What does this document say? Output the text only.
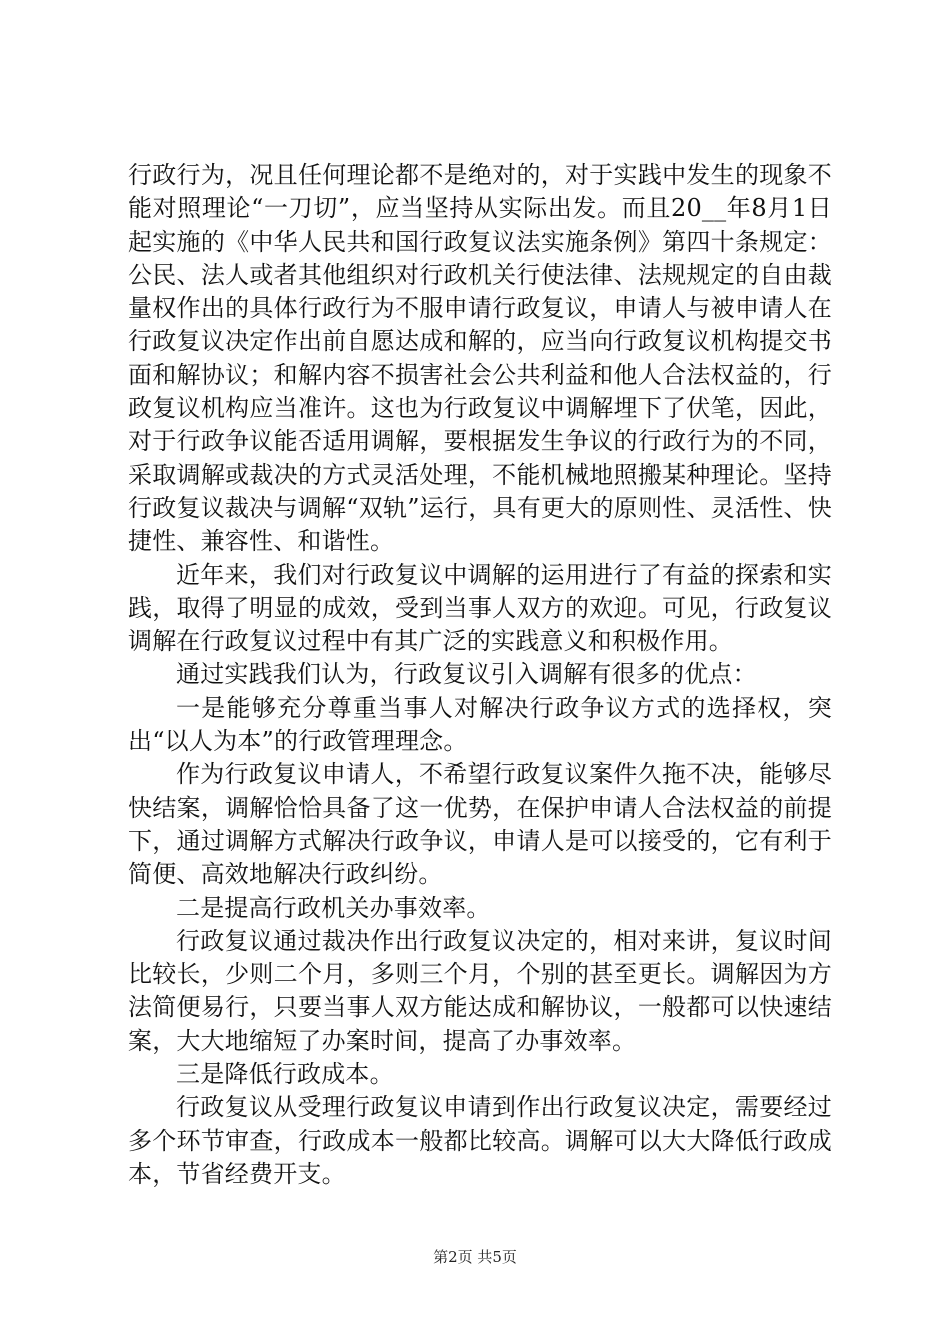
行政行为，况且任何理论都不是绝对的，对于实践中发生的现象不能对照理论“一刀切”，应当坚持从实际出发。而且20__年8月1日起实施的《中华人民共和国行政复议法实施条例》第四十条规定：公民、法人或者其他组织对行政机关行使法律、法规规定的自由裁量权作出的具体行政行为不服申请行政复议，申请人与被申请人在行政复议决定作出前自愿达成和解的，应当向行政复议机构提交书面和解协议；和解内容不损害社会公共利益和他人合法权益的，行政复议机构应当准许。这也为行政复议中调解埋下了伏笔，因此，对于行政争议能否适用调解，要根据发生争议的行政行为的不同，采取调解或裁决的方式灵活处理，不能机械地照搬某种理论。坚持行政复议裁决与调解“双轨”运行，具有更大的原则性、灵活性、快捷性、兼容性、和谐性。

近年来，我们对行政复议中调解的运用进行了有益的探索和实践，取得了明显的成效，受到当事人双方的欢迎。可见，行政复议调解在行政复议过程中有其广泛的实践意义和积极作用。

通过实践我们认为，行政复议引入调解有很多的优点：

一是能够充分尊重当事人对解决行政争议方式的选择权，突出“以人为本”的行政管理理念。

作为行政复议申请人，不希望行政复议案件久拖不决，能够尽快结案，调解恰恰具备了这一优势，在保护申请人合法权益的前提下，通过调解方式解决行政争议，申请人是可以接受的，它有利于简便、高效地解决行政纠纷。

二是提高行政机关办事效率。

行政复议通过裁决作出行政复议决定的，相对来讲，复议时间比较长，少则二个月，多则三个月，个别的甚至更长。调解因为方法简便易行，只要当事人双方能达成和解协议，一般都可以快速结案，大大地缩短了办案时间，提高了办事效率。

三是降低行政成本。

行政复议从受理行政复议申请到作出行政复议决定，需要经过多个环节审查，行政成本一般都比较高。调解可以大大降低行政成本，节省经费开支。

第2页 共5页
